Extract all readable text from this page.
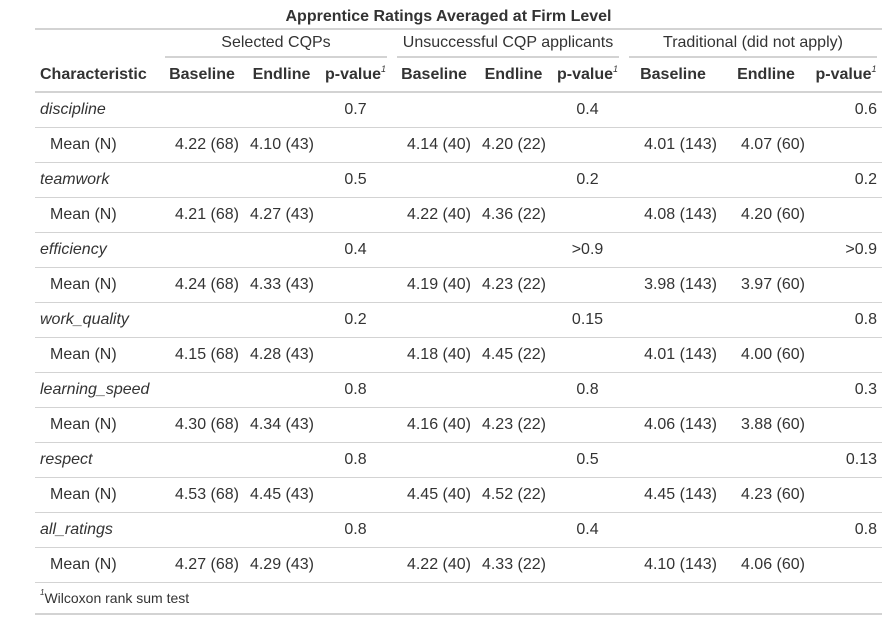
Apprentice Ratings Averaged at Firm Level

	Selected CQPs			Unsuccessful CQP applicants			Traditional (did not apply)		

Characteristic	Baseline	Endline	p-value$^1$	Baseline	Endline	p-value$^1$	Baseline	Endline	p-value$^1$
discipline			0.7			0.4			0.6
Mean (N)	4.22 (68)	4.10 (43)		4.14 (40)	4.20 (22)		4.01 (143)	4.07 (60)	
teamwork			0.5			0.2			0.2
Mean (N)	4.21 (68)	4.27 (43)		4.22 (40)	4.36 (22)		4.08 (143)	4.20 (60)	
efficiency			0.4			>0.9			>0.9
Mean (N)	4.24 (68)	4.33 (43)		4.19 (40)	4.23 (22)		3.98 (143)	3.97 (60)	
work_quality			0.2			0.15			0.8
Mean (N)	4.15 (68)	4.28 (43)		4.18 (40)	4.45 (22)		4.01 (143)	4.00 (60)	
learning_speed			0.8			0.8			0.3
Mean (N)	4.30 (68)	4.34 (43)		4.16 (40)	4.23 (22)		4.06 (143)	3.88 (60)	
respect			0.8			0.5			0.13
Mean (N)	4.53 (68)	4.45 (43)		4.45 (40)	4.52 (22)		4.45 (143)	4.23 (60)	
all_ratings			0.8			0.4			0.8
Mean (N)	4.27 (68)	4.29 (43)		4.22 (40)	4.33 (22)		4.10 (143)	4.06 (60)	
$^1$Wilcoxon rank sum test									
